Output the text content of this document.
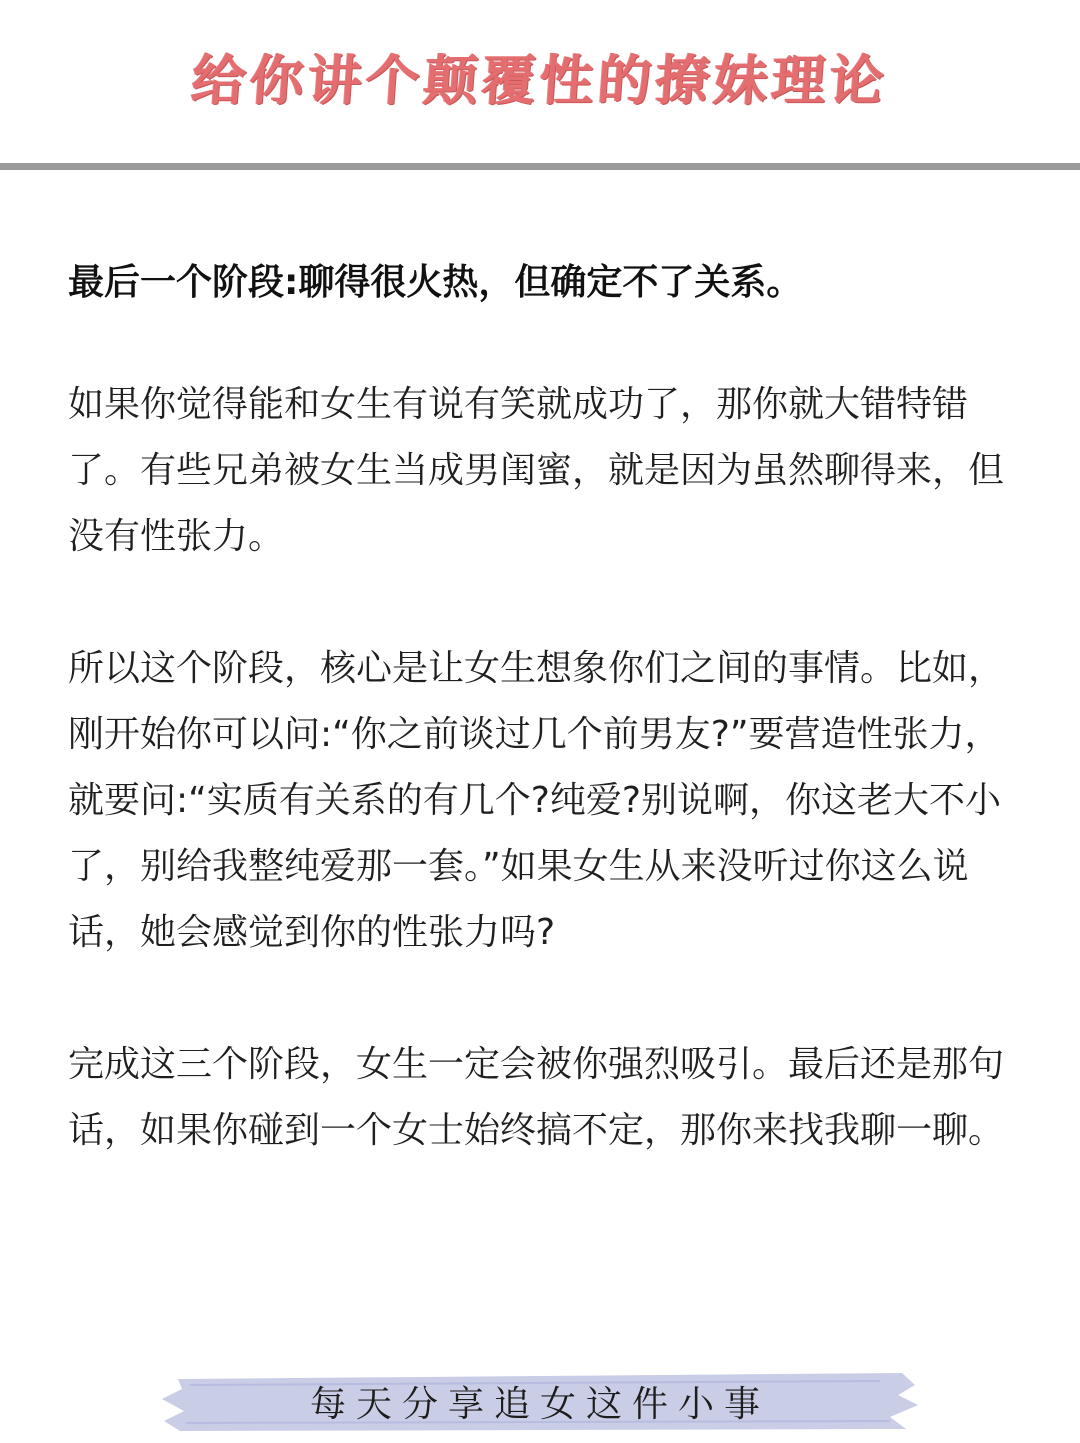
给你讲个颠覆性的撩妹理论

最后一个阶段:聊得很火热，但确定不了关系。

如果你觉得能和女生有说有笑就成功了，那你就大错特错了。有些兄弟被女生当成男闺蜜，就是因为虽然聊得来，但没有性张力。

所以这个阶段，核心是让女生想象你们之间的事情。比如，刚开始你可以问:“你之前谈过几个前男友?”要营造性张力，就要问:“实质有关系的有几个?纯爱?别说啊，你这老大不小了，别给我整纯爱那一套。”如果女生从来没听过你这么说话，她会感觉到你的性张力吗?

完成这三个阶段，女生一定会被你强烈吸引。最后还是那句话，如果你碰到一个女士始终搞不定，那你来找我聊一聊。

每天分享追女这件小事
